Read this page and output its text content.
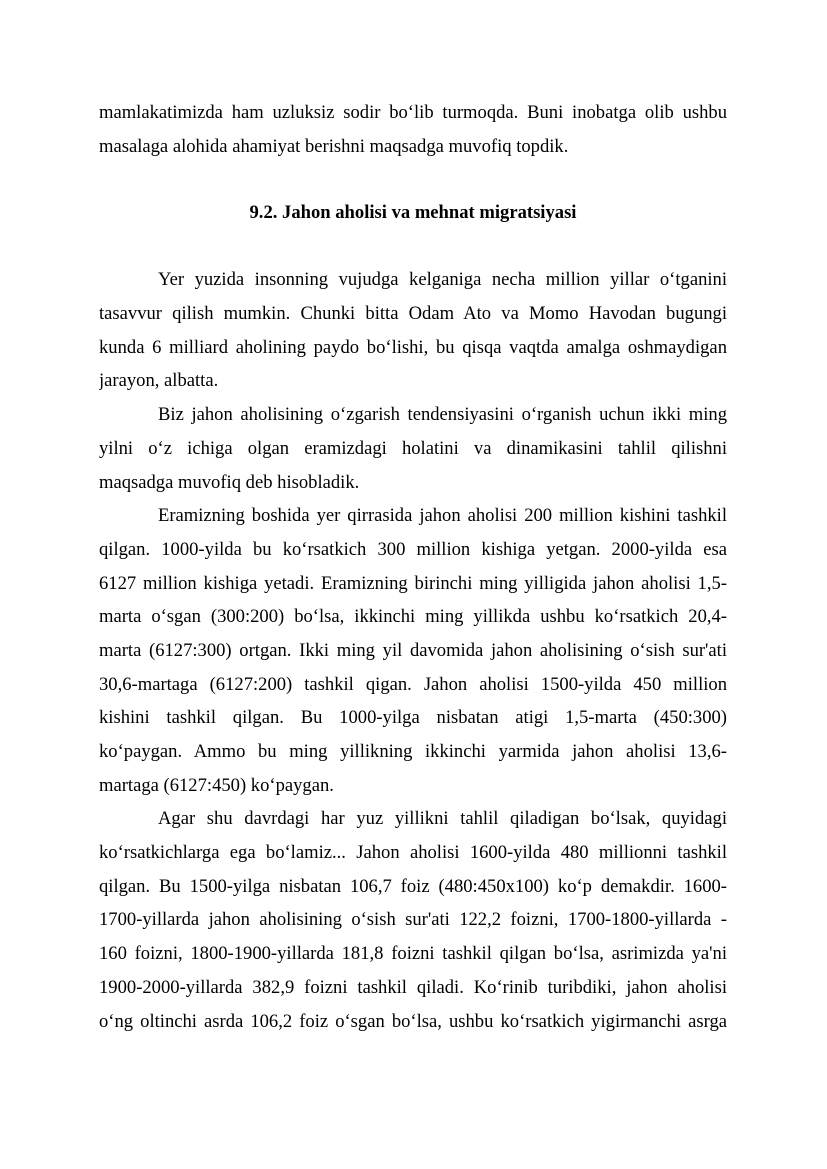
mamlakatimizda ham uzluksiz sodir bo‘lib turmoqda. Buni inobatga olib ushbu
masalaga alohida ahamiyat berishni maqsadga muvofiq topdik.
9.2. Jahon aholisi va mehnat migratsiyasi
Yer yuzida insonning vujudga kelganiga necha million yillar o‘tganini
tasavvur qilish mumkin. Chunki bitta Odam Ato va Momo Havodan bugungi
kunda 6 milliard aholining paydo bo‘lishi, bu qisqa vaqtda amalga oshmaydigan
jarayon, albatta.
Biz jahon aholisining o‘zgarish tendensiyasini o‘rganish uchun ikki ming
yilni o‘z ichiga olgan eramizdagi holatini va dinamikasini tahlil qilishni
maqsadga muvofiq deb hisobladik.
Eramizning boshida yer qirrasida jahon aholisi 200 million kishini tashkil
qilgan. 1000-yilda bu ko‘rsatkich 300 million kishiga yetgan. 2000-yilda esa
6127 million kishiga yetadi. Eramizning birinchi ming yilligida jahon aholisi 1,5-
marta o‘sgan (300:200) bo‘lsa, ikkinchi ming yillikda ushbu ko‘rsatkich 20,4-
marta (6127:300) ortgan. Ikki ming yil davomida jahon aholisining o‘sish sur'ati
30,6-martaga (6127:200) tashkil qigan. Jahon aholisi 1500-yilda 450 million
kishini tashkil qilgan. Bu 1000-yilga nisbatan atigi 1,5-marta (450:300)
ko‘paygan. Ammo bu ming yillikning ikkinchi yarmida jahon aholisi 13,6-
martaga (6127:450) ko‘paygan.
Agar shu davrdagi har yuz yillikni tahlil qiladigan bo‘lsak, quyidagi
ko‘rsatkichlarga ega bo‘lamiz... Jahon aholisi 1600-yilda 480 millionni tashkil
qilgan. Bu 1500-yilga nisbatan 106,7 foiz (480:450x100) ko‘p demakdir. 1600-
1700-yillarda jahon aholisining o‘sish sur'ati 122,2 foizni, 1700-1800-yillarda -
160 foizni, 1800-1900-yillarda 181,8 foizni tashkil qilgan bo‘lsa, asrimizda ya'ni
1900-2000-yillarda 382,9 foizni tashkil qiladi. Ko‘rinib turibdiki, jahon aholisi
o‘ng oltinchi asrda 106,2 foiz o‘sgan bo‘lsa, ushbu ko‘rsatkich yigirmanchi asrga
